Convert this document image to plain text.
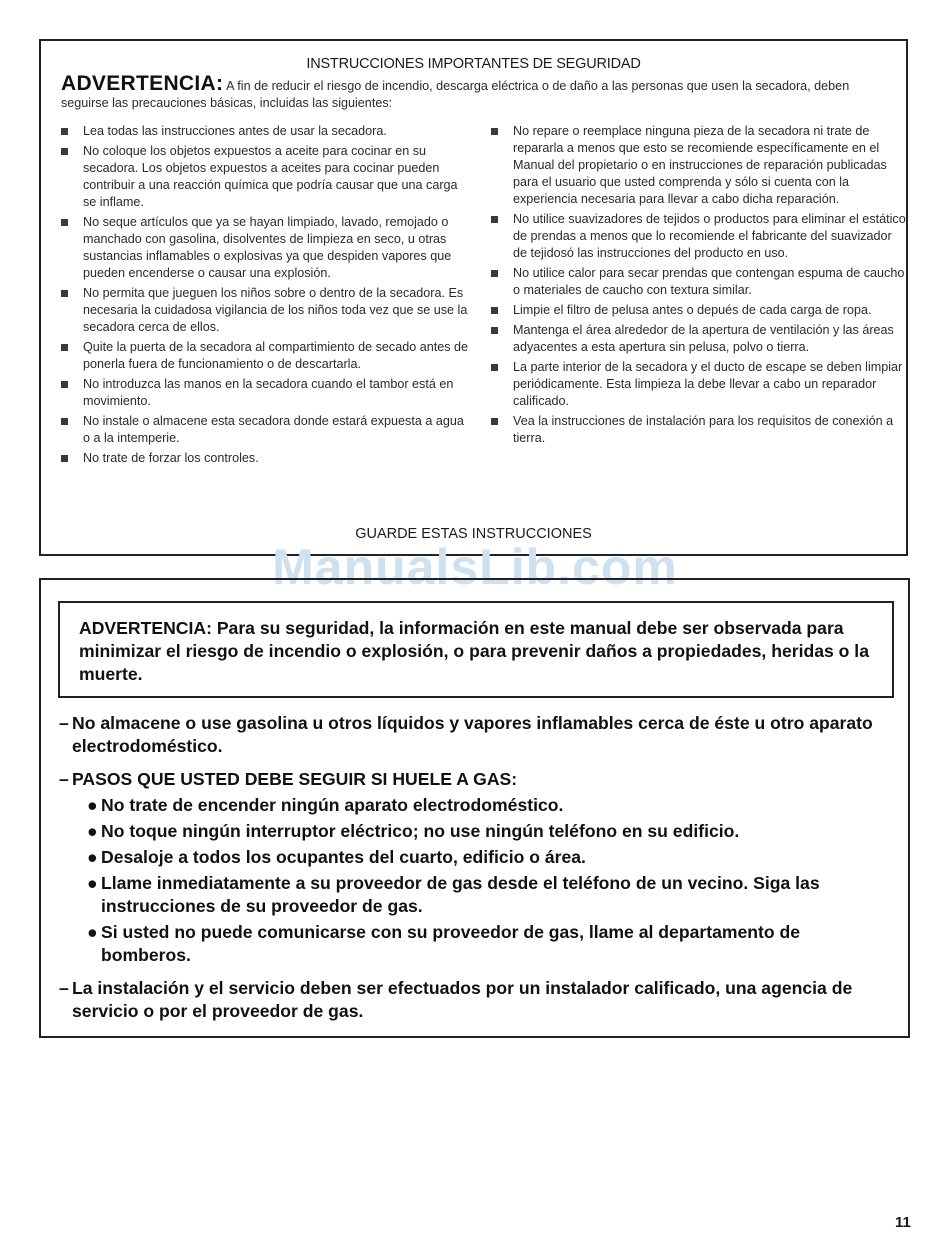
INSTRUCCIONES IMPORTANTES DE SEGURIDAD
ADVERTENCIA: A fin de reducir el riesgo de incendio, descarga eléctrica o de daño a las personas que usen la secadora, deben seguirse las precauciones básicas, incluidas las siguientes:
Lea todas las instrucciones antes de usar la secadora.
No coloque los objetos expuestos a aceite para cocinar en su secadora. Los objetos expuestos a aceites para cocinar pueden contribuir a una reacción química que podría causar que una carga se inflame.
No seque artículos que ya se hayan limpiado, lavado, remojado o manchado con gasolina, disolventes de limpieza en seco, u otras sustancias inflamables o explosivas ya que despiden vapores que pueden encenderse o causar una explosión.
No permita que jueguen los niños sobre o dentro de la secadora. Es necesaria la cuidadosa vigilancia de los niños toda vez que se use la secadora cerca de ellos.
Quite la puerta de la secadora al compartimiento de secado antes de ponerla fuera de funcionamiento o de descartarla.
No introduzca las manos en la secadora cuando el tambor está en movimiento.
No instale o almacene esta secadora donde estará expuesta a agua o a la intemperie.
No trate de forzar los controles.
No repare o reemplace ninguna pieza de la secadora ni trate de repararla a menos que esto se recomiende específicamente en el Manual del propietario o en instrucciones de reparación publicadas para el usuario que usted comprenda y sólo si cuenta con la experiencia necesaria para llevar a cabo dicha reparación.
No utilice suavizadores de tejidos o productos para eliminar el estático de prendas a menos que lo recomiende el fabricante del suavizador de tejidosó las instrucciones del producto en uso.
No utilice calor para secar prendas que contengan espuma de caucho o materiales de caucho con textura similar.
Limpie el filtro de pelusa antes o depués de cada carga de ropa.
Mantenga el área alrededor de la apertura de ventilación y las áreas adyacentes a esta apertura sin pelusa, polvo o tierra.
La parte interior de la secadora y el ducto de escape se deben limpiar periódicamente. Esta limpieza la debe llevar a cabo un reparador calificado.
Vea la instrucciones de instalación para los requisitos de conexión a tierra.
GUARDE ESTAS INSTRUCCIONES
ManualsLib.com
ADVERTENCIA: Para su seguridad, la información en este manual debe ser observada para minimizar el riesgo de incendio o explosión, o para prevenir daños a propiedades, heridas o la muerte.
– No almacene o use gasolina u otros líquidos y vapores inflamables cerca de éste u otro aparato electrodoméstico.
– PASOS QUE USTED DEBE SEGUIR SI HUELE A GAS:
● No trate de encender ningún aparato electrodoméstico.
● No toque ningún interruptor eléctrico; no use ningún teléfono en su edificio.
● Desaloje a todos los ocupantes del cuarto, edificio o área.
● Llame inmediatamente a su proveedor de gas desde el teléfono de un vecino. Siga las instrucciones de su proveedor de gas.
● Si usted no puede comunicarse con su proveedor de gas, llame al departamento de bomberos.
– La instalación y el servicio deben ser efectuados por un instalador calificado, una agencia de servicio o por el proveedor de gas.
11
